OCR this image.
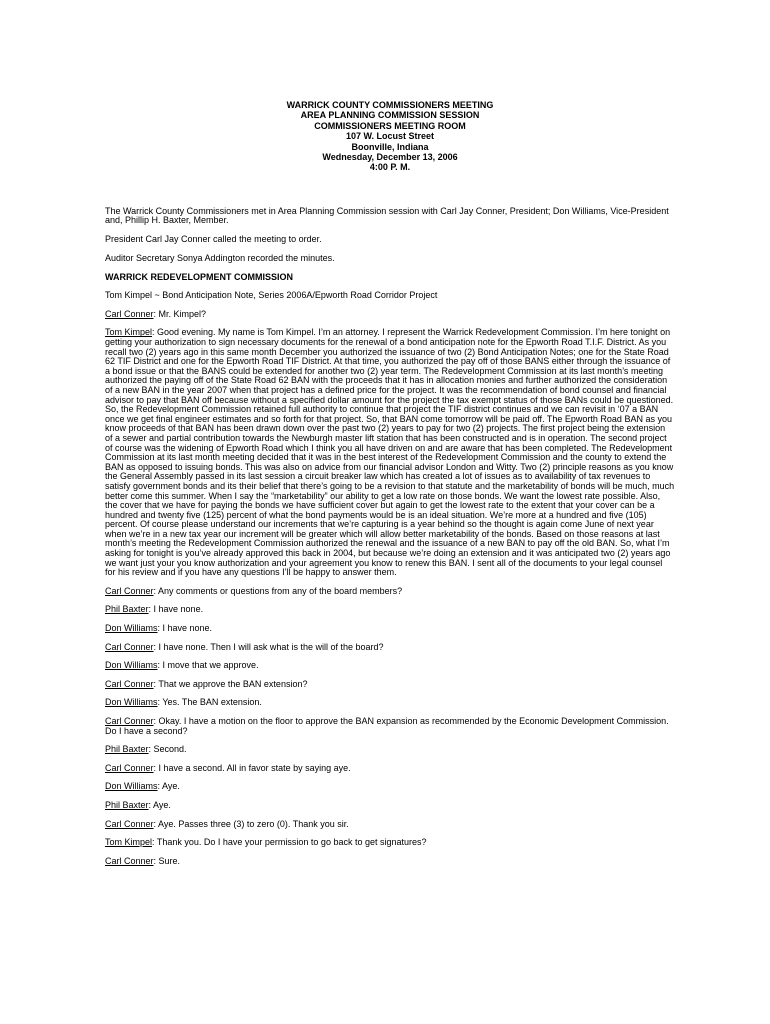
WARRICK COUNTY COMMISSIONERS MEETING
AREA PLANNING COMMISSION SESSION
COMMISSIONERS MEETING ROOM
107 W. Locust Street
Boonville, Indiana
Wednesday, December 13, 2006
4:00 P. M.

The Warrick County Commissioners met in Area Planning Commission session with Carl Jay Conner, President; Don Williams, Vice-President and, Phillip H. Baxter, Member.

President Carl Jay Conner called the meeting to order.

Auditor Secretary Sonya Addington recorded the minutes.

WARRICK REDEVELOPMENT COMMISSION

Tom Kimpel ~ Bond Anticipation Note, Series 2006A/Epworth Road Corridor Project

Carl Conner: Mr. Kimpel?

Tom Kimpel: Good evening. My name is Tom Kimpel. I’m an attorney. I represent the Warrick Redevelopment Commission. I’m here tonight on getting your authorization to sign necessary documents for the renewal of a bond anticipation note for the Epworth Road T.I.F. District. As you recall two (2) years ago in this same month December you authorized the issuance of two (2) Bond Anticipation Notes; one for the State Road 62 TIF District and one for the Epworth Road TIF District. At that time, you authorized the pay off of those BANS either through the issuance of a bond issue or that the BANS could be extended for another two (2) year term. The Redevelopment Commission at its last month’s meeting authorized the paying off of the State Road 62 BAN with the proceeds that it has in allocation monies and further authorized the consideration of a new BAN in the year 2007 when that project has a defined price for the project. It was the recommendation of bond counsel and financial advisor to pay that BAN off because without a specified dollar amount for the project the tax exempt status of those BANs could be questioned. So, the Redevelopment Commission retained full authority to continue that project the TIF district continues and we can revisit in ‘07 a BAN once we get final engineer estimates and so forth for that project. So, that BAN come tomorrow will be paid off. The Epworth Road BAN as you know proceeds of that BAN has been drawn down over the past two (2) years to pay for two (2) projects. The first project being the extension of a sewer and partial contribution towards the Newburgh master lift station that has been constructed and is in operation. The second project of course was the widening of Epworth Road which I think you all have driven on and are aware that has been completed. The Redevelopment Commission at its last month meeting decided that it was in the best interest of the Redevelopment Commission and the county to extend the BAN as opposed to issuing bonds. This was also on advice from our financial advisor London and Witty. Two (2) principle reasons as you know the General Assembly passed in its last session a circuit breaker law which has created a lot of issues as to availability of tax revenues to satisfy government bonds and its their belief that there’s going to be a revision to that statute and the marketability of bonds will be much, much better come this summer. When I say the “marketability” our ability to get a low rate on those bonds. We want the lowest rate possible. Also, the cover that we have for paying the bonds we have sufficient cover but again to get the lowest rate to the extent that your cover can be a hundred and twenty five (125) percent of what the bond payments would be is an ideal situation. We’re more at a hundred and five (105) percent. Of course please understand our increments that we’re capturing is a year behind so the thought is again come June of next year when we’re in a new tax year our increment will be greater which will allow better marketability of the bonds. Based on those reasons at last month’s meeting the Redevelopment Commission authorized the renewal and the issuance of a new BAN to pay off the old BAN. So, what I’m asking for tonight is you’ve already approved this back in 2004, but because we’re doing an extension and it was anticipated two (2) years ago we want just your you know authorization and your agreement you know to renew this BAN. I sent all of the documents to your legal counsel for his review and if you have any questions I’ll be happy to answer them.

Carl Conner: Any comments or questions from any of the board members?

Phil Baxter: I have none.

Don Williams: I have none.

Carl Conner: I have none. Then I will ask what is the will of the board?

Don Williams: I move that we approve.

Carl Conner: That we approve the BAN extension?

Don Williams: Yes. The BAN extension.

Carl Conner: Okay. I have a motion on the floor to approve the BAN expansion as recommended by the Economic Development Commission. Do I have a second?

Phil Baxter: Second.

Carl Conner: I have a second. All in favor state by saying aye.

Don Williams: Aye.

Phil Baxter: Aye.

Carl Conner: Aye. Passes three (3) to zero (0). Thank you sir.

Tom Kimpel: Thank you. Do I have your permission to go back to get signatures?

Carl Conner: Sure.
